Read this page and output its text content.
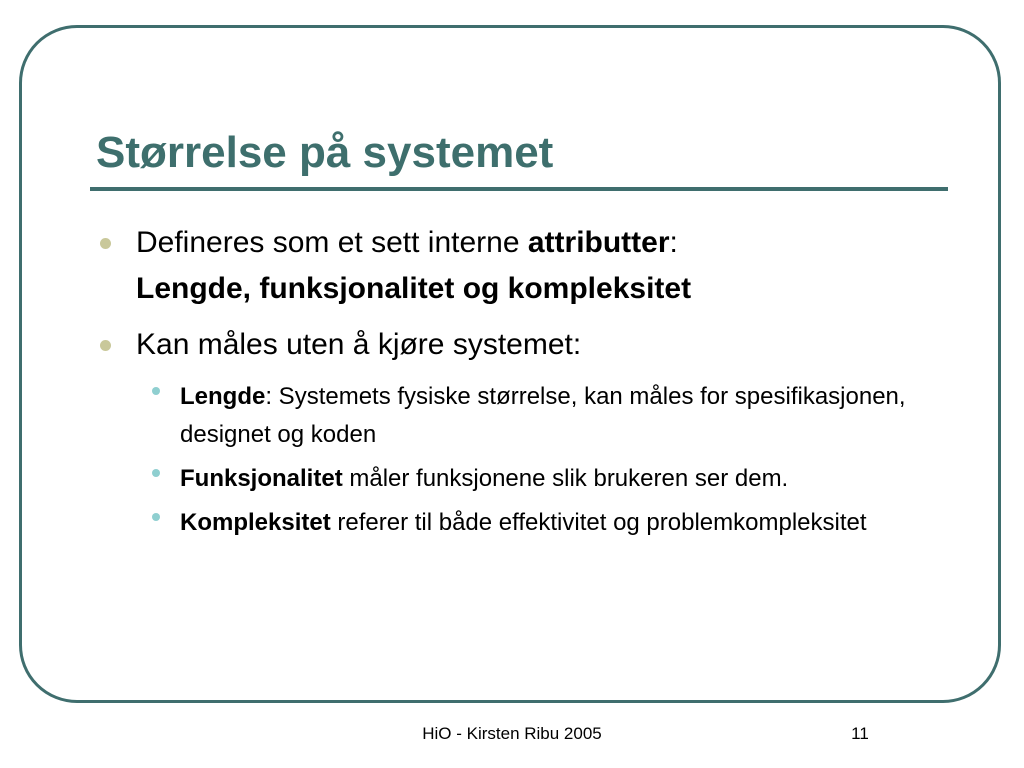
Størrelse på systemet
Defineres som et sett interne attributter:
Lengde, funksjonalitet og kompleksitet
Kan måles uten å kjøre systemet:
Lengde: Systemets fysiske størrelse, kan måles for spesifikasjonen, designet og koden
Funksjonalitet måler funksjonene slik brukeren ser dem.
Kompleksitet referer til både effektivitet og problemkompleksitet
HiO - Kirsten Ribu 2005	11
